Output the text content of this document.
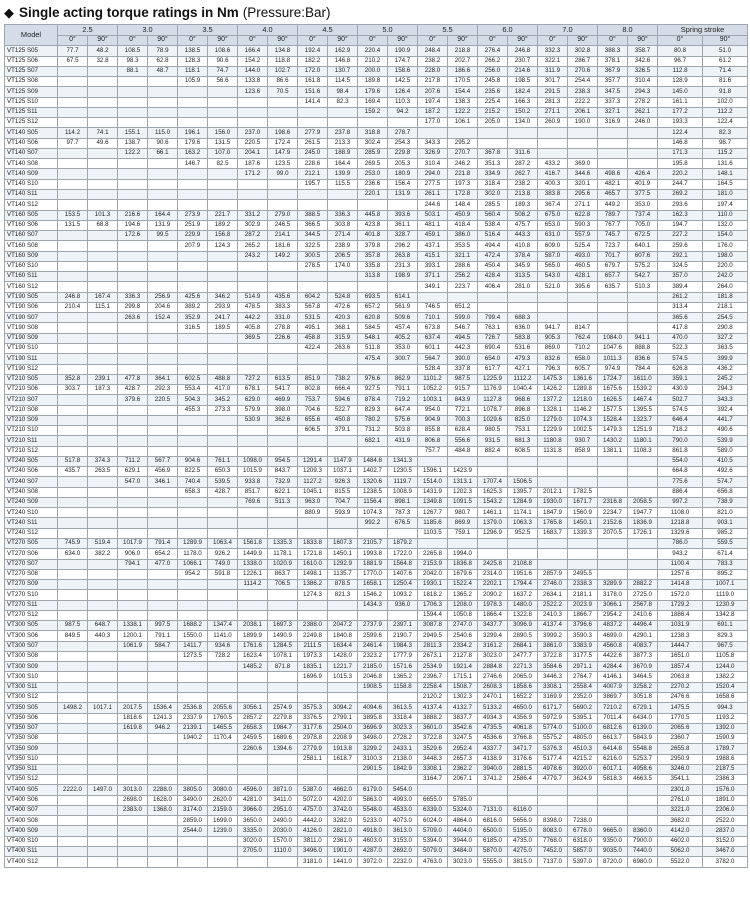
◆ Single acting torque ratings in Nm (Pressure:Bar)
Model	2.5		3.0		3.5		4.0		4.5		5.0		5.5		6.0		7.0		8.0		Spring stroke	
	0°	90°	0°	90°	0°	90°	0°	90°	0°	90°	0°	90°	0°	90°	0°	90°	0°	90°	0°	90°	0°	90°
VT125 S05	77.7	48.2	108.5	78.9	138.5	108.6	166.4	134.8	192.4	162.9	220.4	190.9	248.4	218.8	276.4	246.8	332.3	302.8	388.3	358.7	80.8	51.0
VT125 S06	67.5	32.8	98.3	62.8	128.3	90.6	154.2	118.8	182.2	146.8	210.2	174.7	238.2	202.7	266.2	230.7	322.1	286.7	378.1	342.6	96.7	61.2
VT125 S07			88.1	48.7	118.1	74.7	144.0	102.7	172.0	130.7	200.0	158.6	228.0	186.6	256.0	214.6	311.9	270.6	367.9	326.5	112.8	71.4
VT125 S08					105.9	56.6	133.8	86.6	161.8	114.5	189.8	142.5	217.8	170.5	245.8	198.5	301.7	254.4	357.7	310.4	128.9	81.6
VT125 S09							123.6	70.5	151.6	98.4	179.6	126.4	207.6	154.4	235.6	182.4	291.5	238.3	347.5	294.3	145.0	91.8
VT125 S10									141.4	82.3	169.4	110.3	197.4	138.3	225.4	166.3	281.3	222.2	337.3	278.2	161.1	102.0
VT125 S11											159.2	94.2	187.2	122.2	215.2	150.2	271.1	206.1	327.1	262.1	177.2	112.2
VT125 S12													177.0	106.1	205.0	134.0	260.9	190.0	316.9	246.0	193.3	122.4
VT140 S05	114.2	74.1	155.1	115.0	196.1	156.0	237.0	198.6	277.9	237.8	318.8	278.7									122.4	82.3
VT140 S06	97.7	49.6	138.7	90.6	179.6	131.5	220.5	172.4	261.5	213.3	302.4	254.3	343.3	295.2							146.8	98.7
VT140 S07			122.2	66.1	163.2	107.0	204.1	147.9	245.0	188.9	285.9	229.8	326.9	270.7	367.8	311.6					171.3	115.2
VT140 S08					146.7	82.5	187.6	123.5	228.6	164.4	269.5	205.3	310.4	246.2	351.3	287.2	433.2	369.0			195.8	131.6
VT140 S09							171.2	99.0	212.1	139.9	253.0	180.9	294.0	221.8	334.9	262.7	416.7	344.6	498.6	426.4	220.2	148.1
VT140 S10									195.7	115.5	236.6	156.4	277.5	197.3	318.4	238.2	400.3	320.1	482.1	401.9	244.7	164.5
VT140 S11											220.1	131.9	261.1	172.8	302.0	213.8	383.8	295.6	465.7	377.5	269.2	181.0
VT140 S12													244.6	148.4	285.5	189.3	367.4	271.1	449.2	353.0	293.6	197.4
VT160 S05	153.5	101.3	216.6	164.4	273.9	221.7	331.2	279.0	388.5	336.3	445.8	393.6	503.1	450.9	560.4	508.2	675.0	622.8	789.7	737.4	162.3	110.0
VT160 S06	131.5	68.8	194.6	131.9	251.9	189.2	302.9	246.5	366.5	303.8	423.8	361.1	481.1	418.4	538.4	475.7	653.0	590.3	767.7	705.0	194.7	132.0
VT160 S07			172.6	99.5	229.9	156.8	287.2	214.1	344.5	271.4	401.8	328.7	459.1	386.0	516.4	443.3	631.0	557.9	745.7	672.5	227.2	154.0
VT160 S08					207.9	124.3	265.2	181.6	322.5	238.9	379.8	296.2	437.1	353.5	494.4	410.8	609.0	525.4	723.7	640.1	259.6	176.0
VT160 S09							243.2	149.2	300.5	206.5	357.8	263.8	415.1	321.1	472.4	378.4	587.0	493.0	701.7	607.6	292.1	198.0
VT160 S10									278.5	174.0	335.8	231.3	393.1	288.6	450.4	345.9	565.0	460.5	679.7	575.2	324.5	220.0
VT160 S11											313.8	198.9	371.1	256.2	428.4	313.5	543.0	428.1	657.7	542.7	357.0	242.0
VT160 S12													349.1	223.7	406.4	281.0	521.0	395.6	635.7	510.3	389.4	264.0
VT190 S05	246.8	167.4	336.3	256.9	425.6	346.2	514.9	435.6	604.2	524.8	693.5	614.1									261.2	181.8
VT190 S06	210.4	115.1	299.8	204.6	389.2	293.9	478.5	383.3	567.8	472.6	657.2	561.9	746.5	651.2							313.4	218.1
VT190 S07			263.6	152.4	352.9	241.7	442.2	331.0	531.5	420.3	620.8	509.6	710.1	599.0	799.4	688.3					365.6	254.5
VT190 S08					316.5	189.5	405.8	278.8	495.1	368.1	584.5	457.4	673.8	546.7	763.1	636.0	941.7	814.7			417.8	290.8
VT190 S09							369.5	226.6	458.8	315.9	548.1	405.2	637.4	494.5	726.7	583.8	905.3	762.4	1084.0	941.1	470.0	327.2
VT190 S10									422.4	263.6	511.8	353.0	601.1	442.3	690.4	531.6	869.0	710.2	1047.6	888.8	522.3	363.5
VT190 S11											475.4	300.7	564.7	390.0	654.0	479.3	832.6	658.0	1011.3	836.6	574.5	399.9
VT190 S12													528.4	337.8	617.7	427.1	796.3	605.7	974.9	784.4	626.8	436.2
VT210 S05	352.8	239.1	477.8	364.1	602.5	488.8	727.2	613.5	851.9	738.2	976.6	862.9	1101.2	987.5	1225.9	1112.2	1475.3	1361.6	1724.7	1611.0	359.1	245.2
VT210 S06	303.7	187.3	428.7	292.3	553.4	417.0	678.1	541.7	802.8	666.4	927.5	791.1	1052.2	915.7	1176.9	1040.4	1426.2	1289.8	1675.6	1539.2	430.9	294.3
VT210 S07			379.6	220.5	504.3	345.2	629.0	469.9	753.7	594.6	878.4	719.2	1003.1	843.9	1127.8	968.6	1377.2	1218.0	1626.5	1467.4	502.7	343.3
VT210 S08					455.3	273.3	579.9	398.0	704.6	522.7	829.3	647.4	954.0	772.1	1078.7	896.8	1328.1	1146.2	1577.5	1395.5	574.5	392.4
VT210 S09							530.9	362.6	655.6	450.8	780.2	575.6	904.9	700.3	1029.6	825.0	1279.0	1074.3	1528.4	1323.7	646.4	441.7
VT210 S10									606.5	379.1	731.2	503.8	855.8	628.4	980.5	753.1	1229.9	1002.5	1479.3	1251.9	718.2	490.6
VT210 S11											682.1	431.9	806.8	556.6	931.5	681.3	1180.8	930.7	1430.2	1180.1	790.0	539.9
VT210 S12													757.7	484.8	882.4	608.5	1131.8	858.9	1381.1	1108.3	861.8	589.0
VT240 S05	517.8	374.3	711.2	567.7	904.6	761.1	1098.0	954.5	1291.4	1147.9	1484.8	1341.3									554.0	410.5
VT240 S06	435.7	263.5	629.1	456.9	822.5	650.3	1015.9	843.7	1209.3	1037.1	1402.7	1230.5	1596.1	1423.9							664.8	492.6
VT240 S07			547.0	346.1	740.4	539.5	933.8	732.9	1127.2	926.3	1320.6	1119.7	1514.0	1313.1	1707.4	1506.5					775.6	574.7
VT240 S08					658.3	428.7	851.7	622.1	1045.1	815.5	1238.5	1008.9	1431.9	1202.3	1625.3	1395.7	2012.1	1782.5			886.4	656.8
VT240 S09							769.6	511.3	963.0	704.7	1156.4	898.1	1349.8	1091.5	1543.2	1284.9	1930.0	1671.7	2316.8	2058.5	997.2	738.9
VT240 S10									880.9	593.9	1074.3	787.3	1267.7	980.7	1461.1	1174.1	1847.9	1560.9	2234.7	1947.7	1108.0	821.0
VT240 S11											992.2	676.5	1185.6	869.9	1379.0	1063.3	1765.8	1450.1	2152.6	1836.9	1218.8	903.1
VT240 S12													1103.5	759.1	1296.9	952.5	1683.7	1339.3	2070.5	1726.1	1329.6	985.2
VT270 S05	745.9	519.4	1017.9	791.4	1289.9	1063.4	1561.8	1335.3	1833.8	1607.3	2105.7	1879.2									786.0	559.5
VT270 S06	634.0	382.2	906.0	654.2	1178.0	926.2	1449.9	1178.1	1721.8	1450.1	1993.8	1722.0	2265.8	1994.0							943.2	671.4
VT270 S07			794.1	477.0	1066.1	749.0	1338.0	1020.9	1610.0	1292.9	1881.9	1564.8	2153.9	1836.8	2425.8	2108.8					1100.4	783.3
VT270 S08					954.2	591.8	1226.1	863.7	1498.1	1135.7	1770.0	1407.6	2042.0	1679.6	2314.0	1951.6	2857.9	2495.5			1257.6	895.2
VT270 S09							1114.2	706.5	1386.2	878.5	1658.1	1250.4	1930.1	1522.4	2202.1	1794.4	2746.0	2338.3	3289.9	2882.2	1414.8	1007.1
VT270 S10									1274.3	821.3	1546.2	1093.2	1818.2	1365.2	2090.2	1637.2	2634.1	2181.1	3178.0	2725.0	1572.0	1119.0
VT270 S11											1434.3	936.0	1706.3	1208.0	1978.3	1480.0	2522.2	2023.9	3066.1	2567.8	1729.2	1230.9
VT270 S12													1594.4	1050.8	1866.4	1322.8	2410.3	1866.7	2954.2	2410.6	1886.4	1342.8
VT300 S05	987.5	648.7	1338.1	997.5	1688.2	1347.4	2038.1	1697.3	2388.0	2047.2	2737.9	2397.1	3087.8	2747.0	3437.7	3096.9	4137.4	3796.6	4837.2	4496.4	1031.9	691.1
VT300 S06	849.5	440.3	1200.1	791.1	1550.0	1141.0	1899.9	1490.9	2249.8	1840.8	2599.6	2190.7	2949.5	2540.6	3299.4	2890.5	3999.2	3590.3	4699.0	4290.1	1238.3	829.3
VT300 S07			1061.9	584.7	1411.7	934.6	1761.6	1284.5	2111.5	1634.4	2461.4	1984.3	2811.3	2334.2	3161.2	2684.1	3861.0	3383.9	4560.8	4083.7	1444.7	967.5
VT300 S08					1273.5	728.2	1623.4	1078.1	1973.3	1428.0	2323.2	1777.9	2673.1	2127.8	3023.0	2477.7	3722.8	3177.5	4422.6	3877.3	1651.0	1105.8
VT300 S09							1485.2	871.8	1835.1	1221.7	2185.0	1571.6	2534.9	1921.4	2884.8	2271.3	3584.6	2971.1	4284.4	3670.9	1857.4	1244.0
VT300 S10									1696.9	1015.3	2046.8	1365.2	2396.7	1715.1	2746.6	2065.0	3446.3	2764.7	4146.1	3464.5	2063.8	1382.2
VT300 S11											1908.5	1158.8	2258.4	1508.7	2608.3	1858.6	3308.1	2558.4	4007.9	3258.2	2270.2	1520.4
VT300 S12													2120.2	1302.3	2470.1	1652.2	3169.9	2352.0	3869.7	3051.8	2476.6	1658.6
VT350 S05	1498.2	1017.1	2017.5	1536.4	2536.8	2055.6	3056.1	2574.9	3575.3	3094.2	4094.6	3613.5	4137.4	4132.7	5133.2	4650.0	6171.7	5690.2	7210.2	6729.1	1475.5	994.3
VT350 S06			1818.6	1241.3	2337.9	1760.5	2857.2	2279.8	3376.5	2799.1	3895.8	3318.4	3888.2	3837.7	4934.3	4356.9	5972.9	5395.1	7011.4	6434.0	1770.5	1193.2
VT350 S07			1619.8	946.2	2139.1	1465.5	2658.3	1984.7	3177.6	2504.0	3696.9	3023.3	3601.0	3542.6	4735.5	4061.8	5774.0	5100.0	6812.6	6139.0	2065.6	1392.0
VT350 S08					1940.2	1170.4	2459.5	1689.6	2978.8	2208.9	3498.0	2728.2	3722.8	3247.5	4536.6	3766.8	5575.2	4805.0	6613.7	5843.9	2360.7	1590.9
VT350 S09							2260.6	1394.6	2779.9	1913.8	3299.2	2433.1	3529.6	2952.4	4337.7	3471.7	5376.3	4510.3	6414.8	5548.8	2655.8	1789.7
VT350 S10									2581.1	1618.7	3100.3	2138.0	3448.3	2657.3	4138.9	3176.6	5177.4	4215.2	6216.0	5253.7	2950.9	1988.6
VT350 S11											2901.5	1842.9	3308.1	2362.2	3940.0	2881.5	4978.6	3920.0	6017.1	4958.6	3246.0	2187.5
VT350 S12													3164.7	2067.1	3741.2	2586.4	4779.7	3624.9	5818.3	4663.5	3541.1	2386.3
VT400 S05	2222.0	1497.0	3013.0	2288.0	3805.0	3080.0	4596.0	3871.0	5387.0	4662.0	6179.0	5454.0									2301.0	1576.0
VT400 S06			2698.0	1628.0	3490.0	2620.0	4281.0	3411.0	5072.0	4202.0	5863.0	4993.0	6655.0	5785.0							2761.0	1891.0
VT400 S07			2383.0	1368.0	3174.0	2159.0	3966.0	2951.0	4757.0	3742.0	5548.0	4533.0	6339.0	5324.0	7131.0	6116.0					3221.0	2206.0
VT400 S08					2859.0	1699.0	3650.0	2490.0	4442.0	3282.0	5233.0	4073.0	6024.0	4864.0	6816.0	5656.0	8398.0	7238.0			3682.0	2522.0
VT400 S09					2544.0	1239.0	3335.0	2030.0	4126.0	2821.0	4918.0	3613.0	5709.0	4404.0	6500.0	5195.0	8083.0	6778.0	9665.0	8360.0	4142.0	2837.0
VT400 S10							3020.0	1570.0	3811.0	2361.0	4603.0	3153.0	5394.0	3944.0	6185.0	4735.0	7768.0	6318.0	9350.0	7900.0	4602.0	3152.0
VT400 S11							2705.0	1110.0	3496.0	1901.0	4287.0	2692.0	5079.0	3484.0	5870.0	4275.0	7452.0	5857.0	9035.0	7440.0	5062.0	3467.0
VT400 S12									3181.0	1441.0	3972.0	2232.0	4763.0	3023.0	5555.0	3815.0	7137.0	5397.0	8720.0	6980.0	5522.0	3782.0
